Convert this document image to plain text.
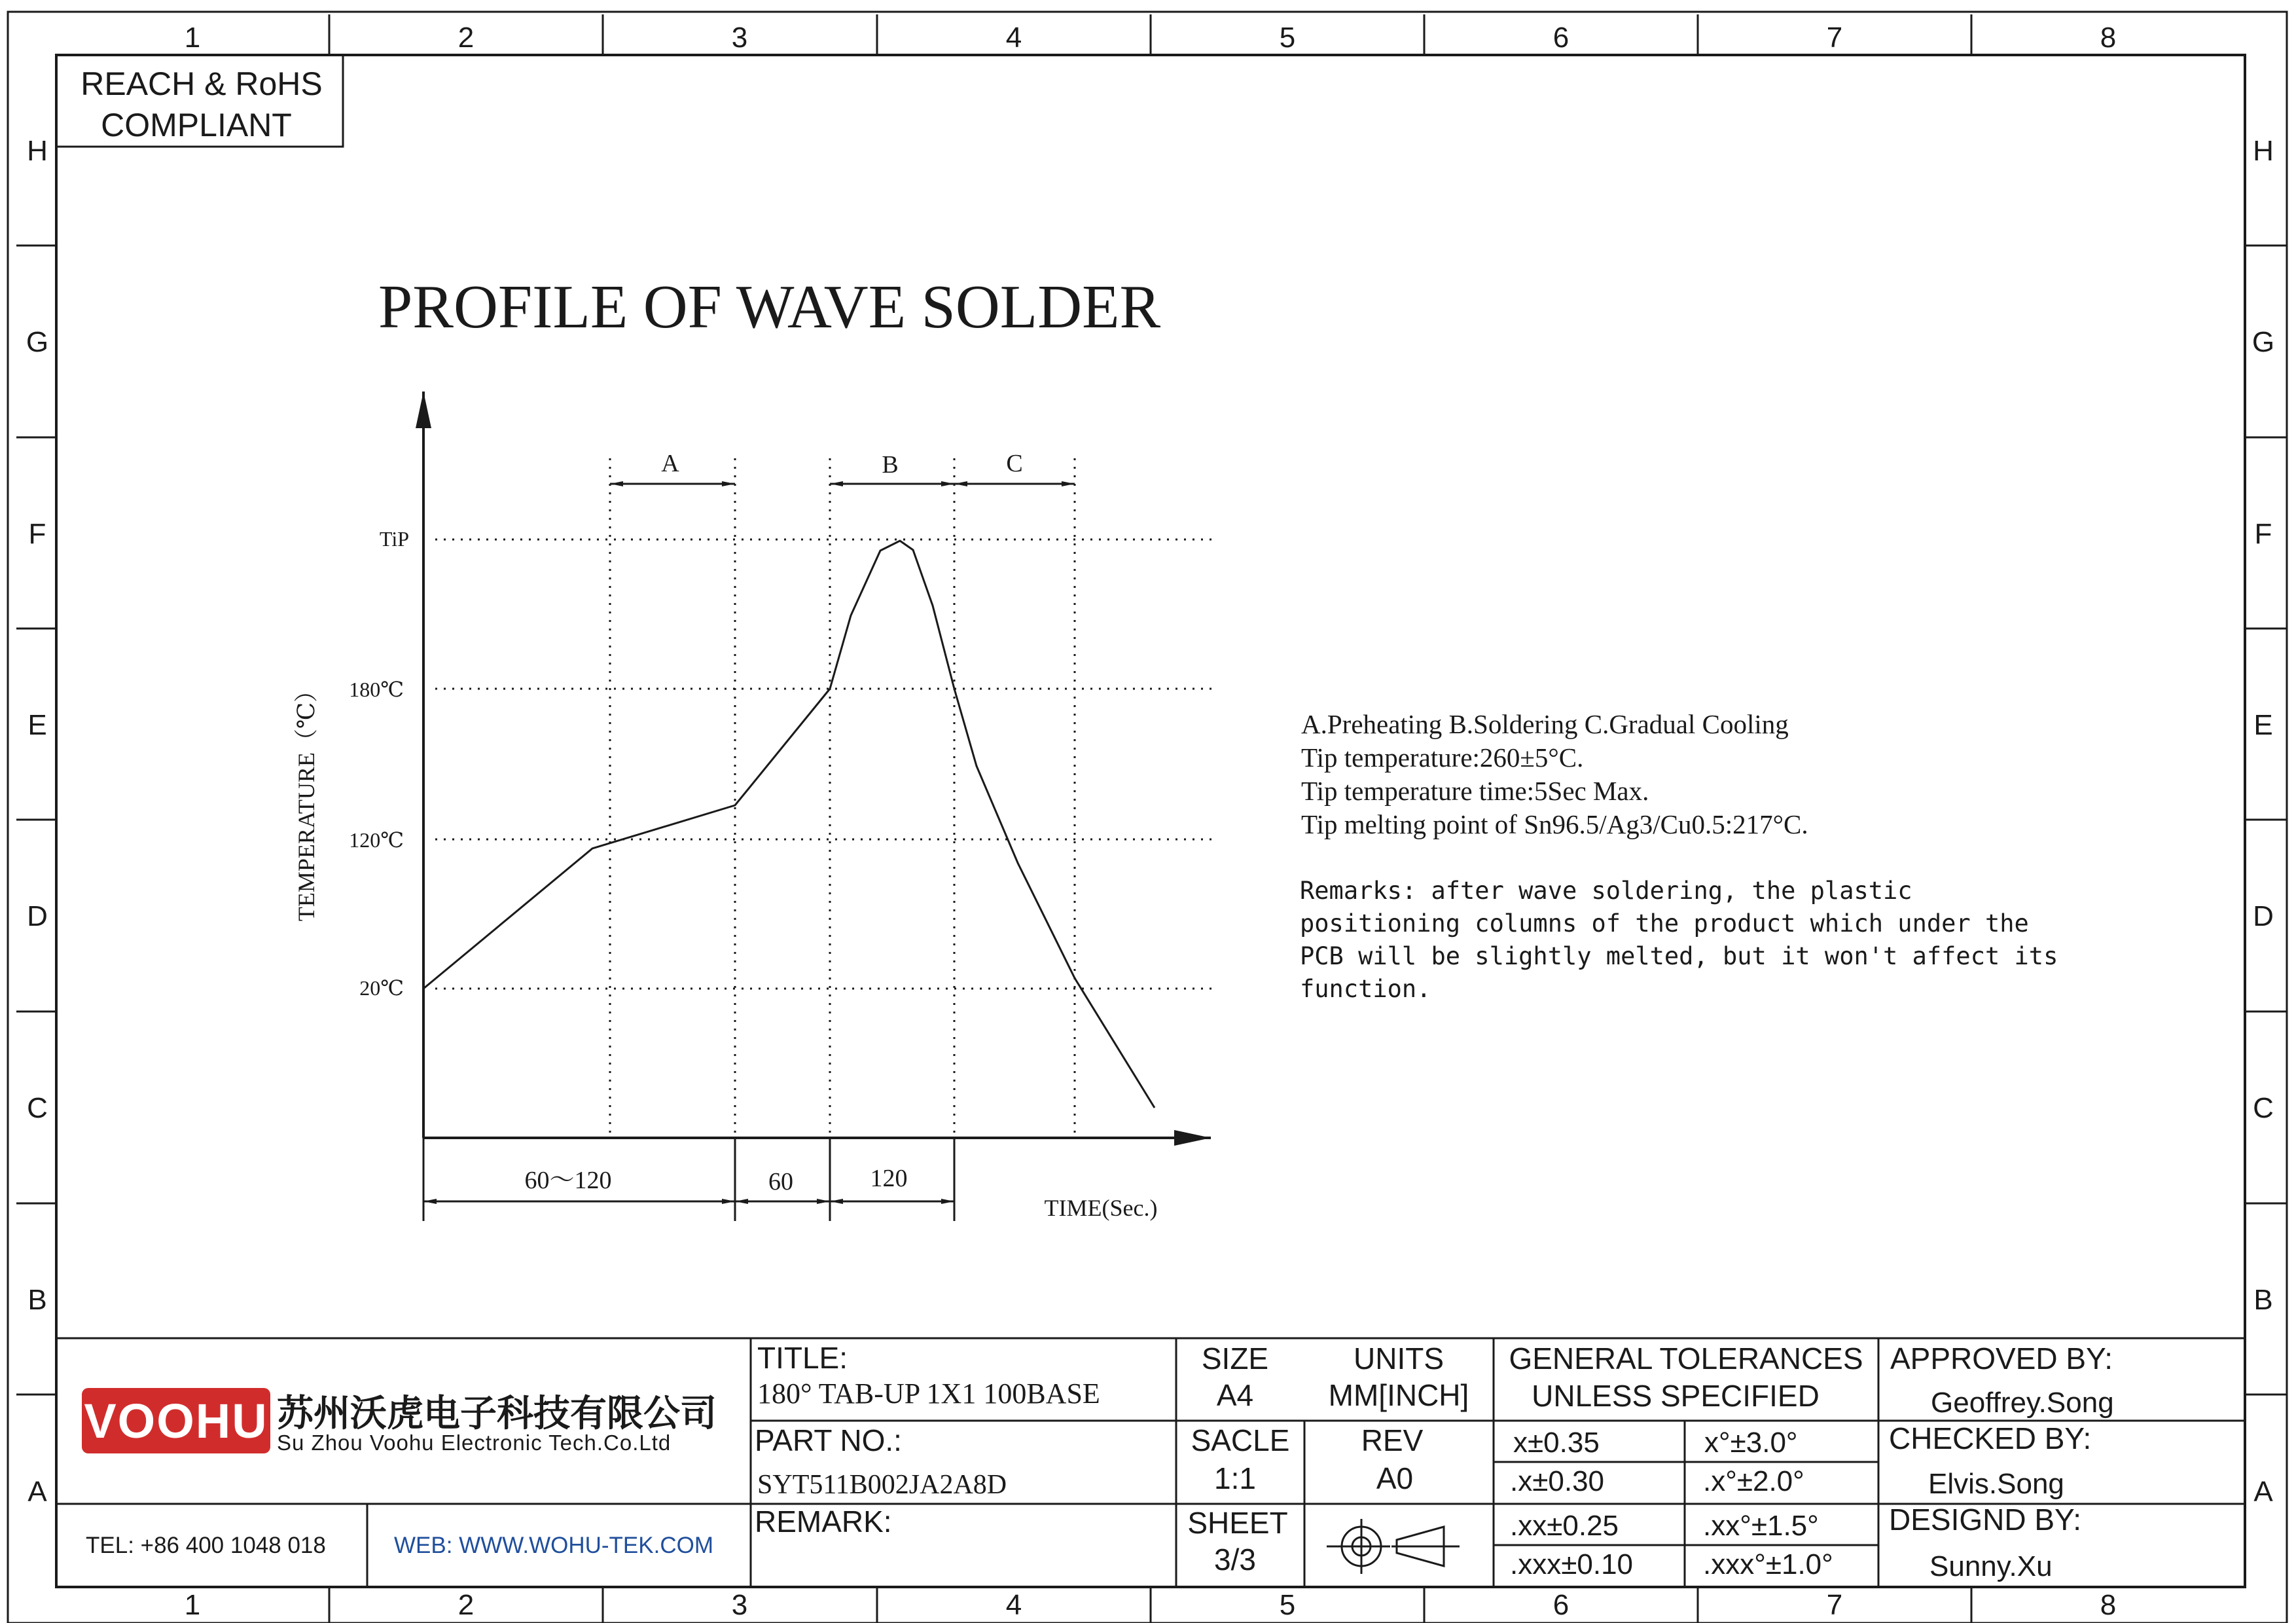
1
1
2
2
3
3
4
4
5
5
6
6
7
7
8
8
H	H
G	G
F	F
E	E
D	D
C	C
B	B
A	A
REACH & RoHS
COMPLIANT
PROFILE OF WAVE SOLDER
TiP
180℃
120℃
20℃
TEMPERATURE（℃）
A	B	C
60～120	60	120
TIME(Sec.)
A.Preheating B.Soldering C.Gradual Cooling
Tip temperature:260±5°C.
Tip temperature time:5Sec Max.
Tip melting point of Sn96.5/Ag3/Cu0.5:217°C.
Remarks: after wave soldering, the plastic
positioning columns of the product which under the
PCB will be slightly melted, but it won't affect its
function.
VOOHU 苏州沃虎电子科技有限公司
Su Zhou Voohu Electronic Tech.Co.Ltd
TEL: +86 400 1048 018	WEB: WWW.WOHU-TEK.COM
TITLE:
180° TAB-UP 1X1 100BASE
PART NO.:
SYT511B002JA2A8D
REMARK:
SIZE
A4
UNITS
MM[INCH]
SACLE
1:1
REV
A0
SHEET
3/3
GENERAL TOLERANCES
UNLESS SPECIFIED
x±0.35	x°±3.0°
.x±0.30	.x°±2.0°
.xx±0.25	.xx°±1.5°
.xxx±0.10 .xxx°±1.0°
APPROVED BY:
Geoffrey.Song
CHECKED BY:
Elvis.Song
DESIGND BY:
Sunny.Xu
